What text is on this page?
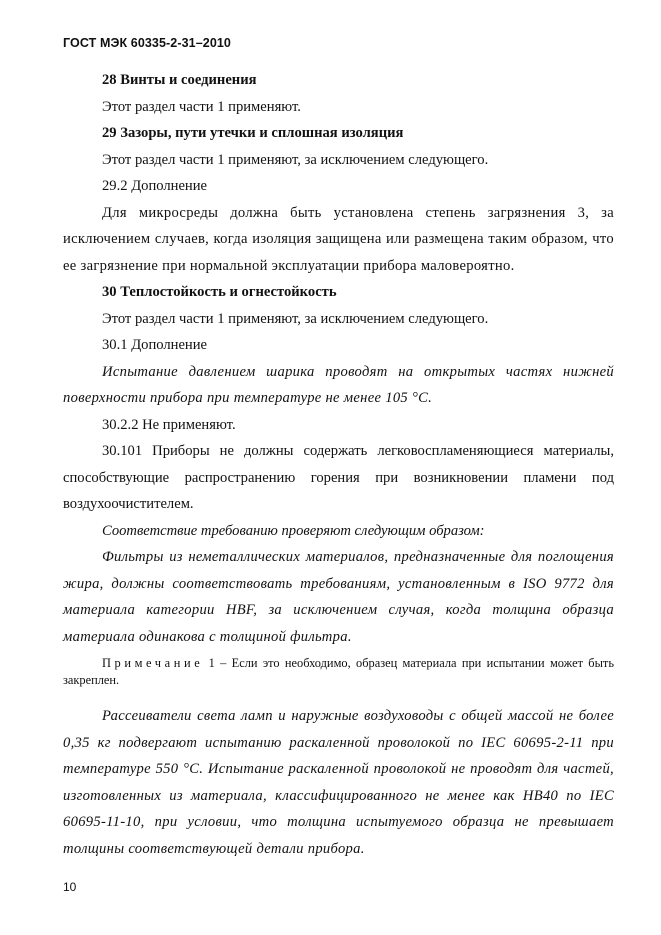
ГОСТ МЭК 60335-2-31–2010

28 Винты и соединения

Этот раздел части 1 применяют.

29 Зазоры, пути утечки и сплошная изоляция

Этот раздел части 1 применяют, за исключением следующего.

29.2 Дополнение

Для микросреды должна быть установлена степень загрязнения 3, за исключением случаев, когда изоляция защищена или размещена таким образом, что ее загрязнение при нормальной эксплуатации прибора маловероятно.

30 Теплостойкость и огнестойкость

Этот раздел части 1 применяют, за исключением следующего.

30.1 Дополнение

Испытание давлением шарика проводят на открытых частях нижней поверхности прибора при температуре не менее 105 °С.

30.2.2 Не применяют.

30.101 Приборы не должны содержать легковоспламеняющиеся материалы, способствующие распространению горения при возникновении пламени под воздухоочистителем.

Соответствие требованию проверяют следующим образом:

Фильтры из неметаллических материалов, предназначенные для поглощения жира, должны соответствовать требованиям, установленным в ISO 9772 для материала категории HBF, за исключением случая, когда толщина образца материала одинакова с толщиной фильтра.

Примечание 1 – Если это необходимо, образец материала при испытании может быть закреплен.

Рассеиватели света ламп и наружные воздуховоды с общей массой не более 0,35 кг подвергают испытанию раскаленной проволокой по IEC 60695-2-11 при температуре 550 °С. Испытание раскаленной проволокой не проводят для частей, изготовленных из материала, классифицированного не менее как HB40 по IEC 60695-11-10, при условии, что толщина испытуемого образца не превышает толщины соответствующей детали прибора.

10
